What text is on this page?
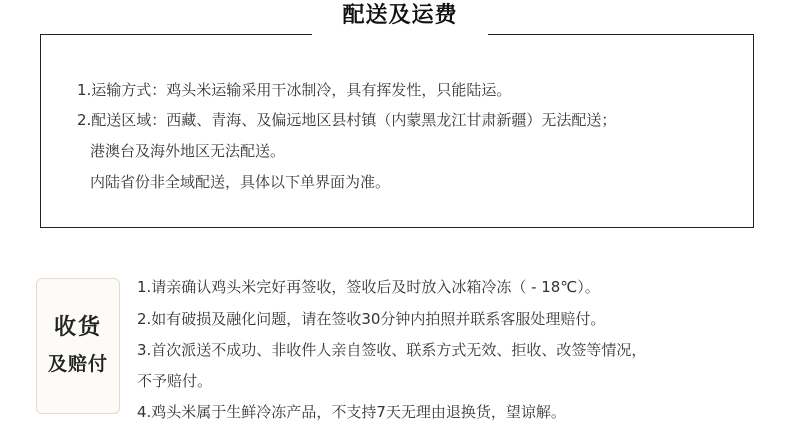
配送及运费
1.运输方式：鸡头米运输采用干冰制冷，具有挥发性，只能陆运。
2.配送区域：西藏、青海、及偏远地区县村镇（内蒙黑龙江甘肃新疆）无法配送；
港澳台及海外地区无法配送。
内陆省份非全域配送，具体以下单界面为准。
收货
及赔付
1.请亲确认鸡头米完好再签收，签收后及时放入冰箱冷冻（ - 18℃）。
2.如有破损及融化问题，请在签收30分钟内拍照并联系客服处理赔付。
3.首次派送不成功、非收件人亲自签收、联系方式无效、拒收、改签等情况，
不予赔付。
4.鸡头米属于生鲜冷冻产品，不支持7天无理由退换货，望谅解。
